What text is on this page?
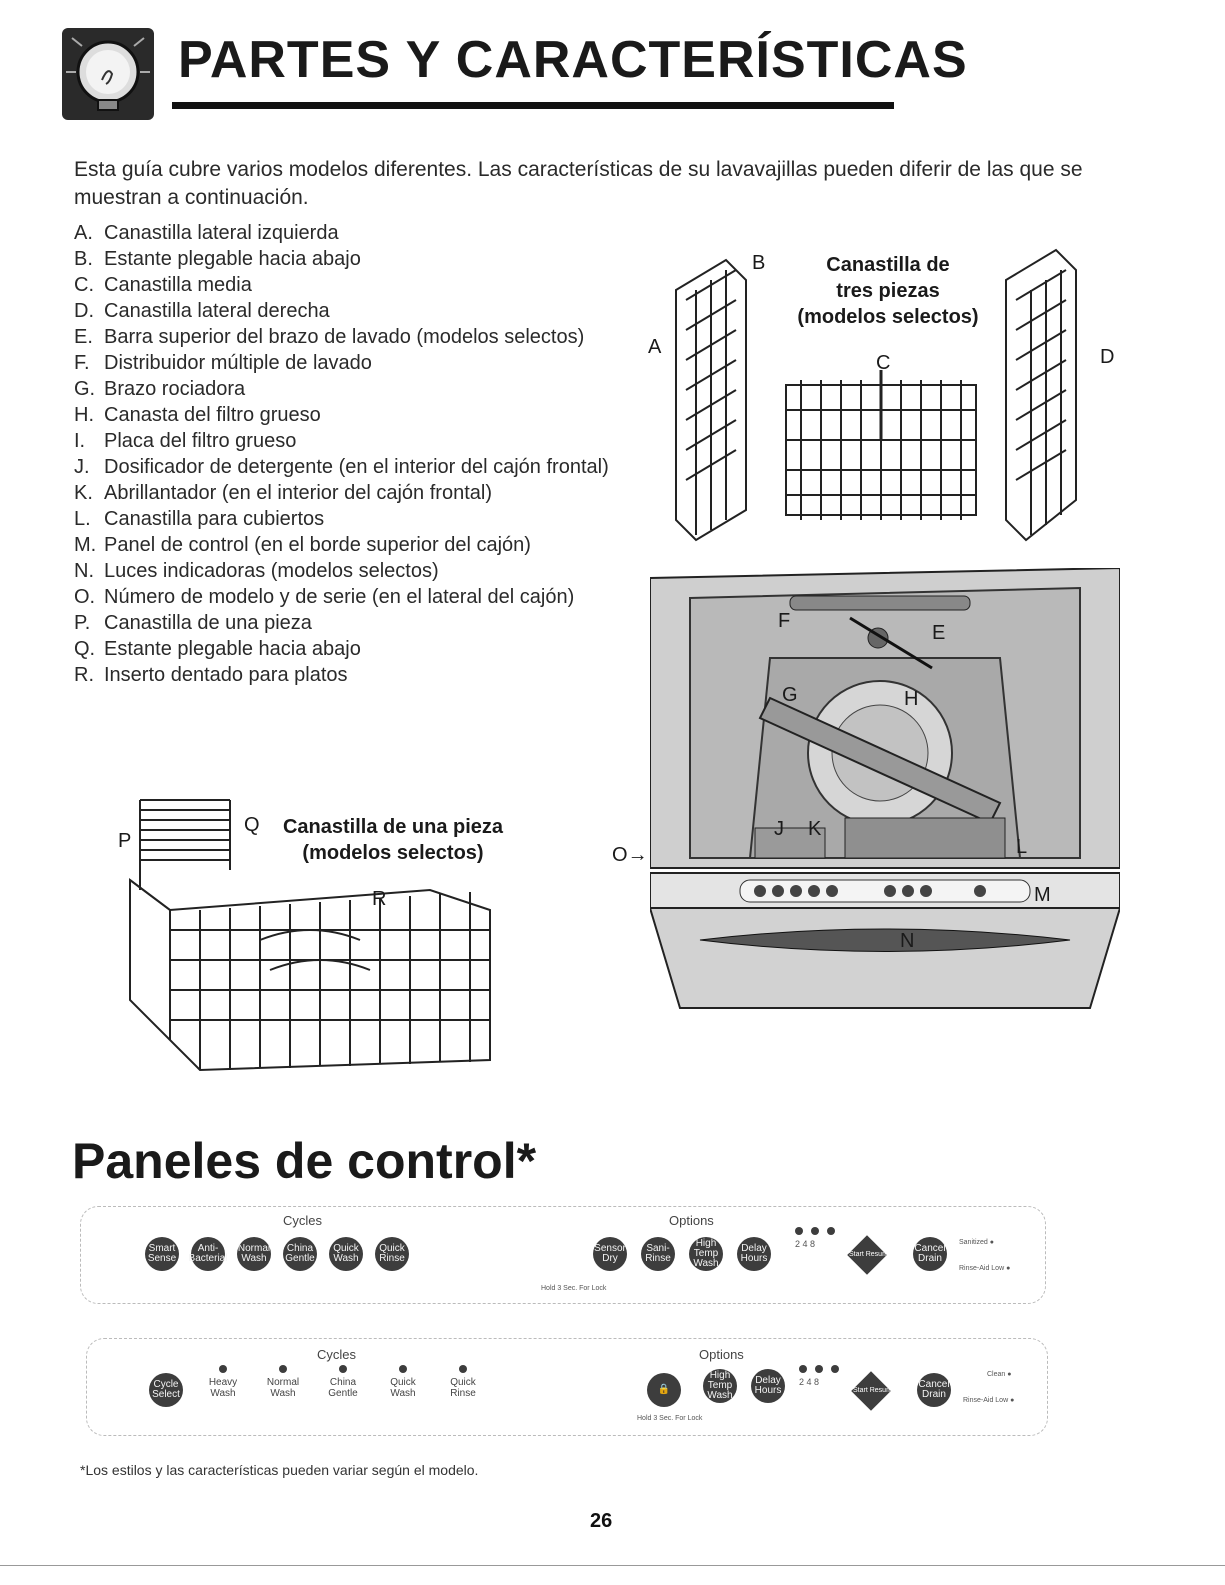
PARTES Y CARACTERÍSTICAS
Esta guía cubre varios modelos diferentes. Las características de su lavavajillas pueden diferir de las que se muestran a continuación.
A. Canastilla lateral izquierda
B. Estante plegable hacia abajo
C. Canastilla media
D. Canastilla lateral derecha
E. Barra superior del brazo de lavado (modelos selectos)
F. Distribuidor múltiple de lavado
G. Brazo rociadora
H. Canasta del filtro grueso
I. Placa del filtro grueso
J. Dosificador de detergente (en el interior del cajón frontal)
K. Abrillantador (en el interior del cajón frontal)
L. Canastilla para cubiertos
M. Panel de control (en el borde superior del cajón)
N. Luces indicadoras (modelos selectos)
O. Número de modelo y de serie (en el lateral del cajón)
P. Canastilla de una pieza
Q. Estante plegable hacia abajo
R. Inserto dentado para platos
A
B
C	D
Canastilla de
tres piezas
(modelos selectos)
F
E
G	H
J K
L
M
N
O→
P
Q
R
Canastilla de una pieza
(modelos selectos)
Paneles de control*
Cycles	Options
Smart Sense
Anti-Bacterial
Normal Wash
China Gentle
Quick Wash
Quick Rinse
Sensor Dry
Sani-Rinse
High Temp Wash
Delay Hours
2 4 8
Start Resume
Cancel Drain
Sanitized ●
Rinse-Aid Low ●
Hold 3 Sec. For Lock
Cycles	Options
Cycle Select
Heavy Wash
Normal Wash
China Gentle
Quick Wash
Quick Rinse	🔒
High Temp Wash
Delay Hours
2 4 8
Start Resume
Cancel Drain
Clean ●
Rinse-Aid Low ●
Hold 3 Sec. For Lock
*Los estilos y las características pueden variar según el modelo.
26
